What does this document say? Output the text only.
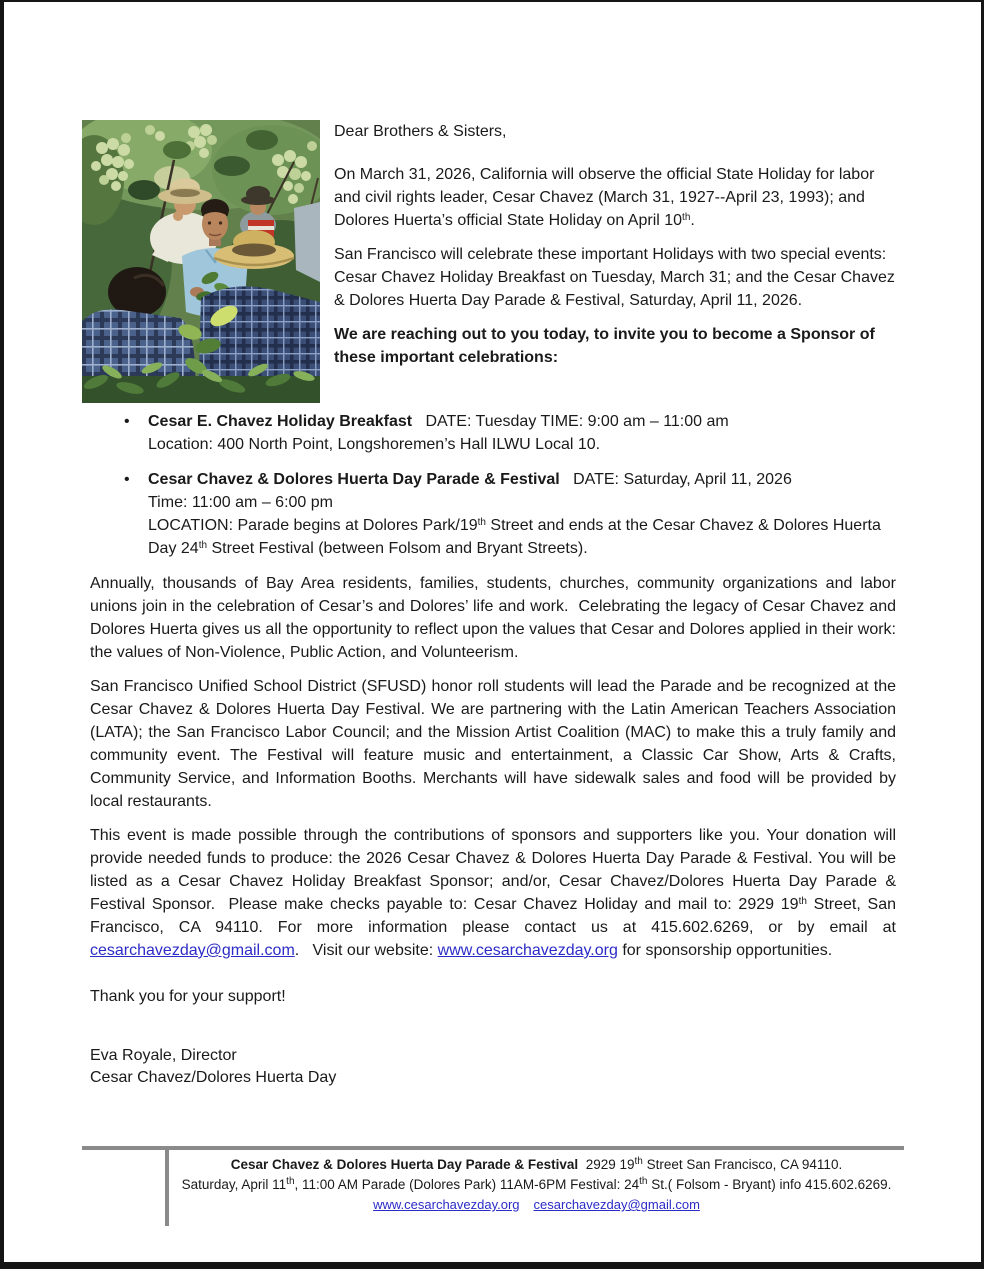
Dear Brothers & Sisters,

On March 31, 2026, California will observe the official State Holiday for labor and civil rights leader, Cesar Chavez (March 31, 1927--April 23, 1993); and Dolores Huerta’s official State Holiday on April 10th.

San Francisco will celebrate these important Holidays with two special events:  Cesar Chavez Holiday Breakfast on Tuesday, March 31; and the Cesar Chavez & Dolores Huerta Day Parade & Festival, Saturday, April 11, 2026.

We are reaching out to you today, to invite you to become a Sponsor of these important celebrations:

• Cesar E. Chavez Holiday Breakfast   DATE: Tuesday TIME: 9:00 am – 11:00 am
Location: 400 North Point, Longshoremen’s Hall ILWU Local 10.
• Cesar Chavez & Dolores Huerta Day Parade & Festival   DATE: Saturday, April 11, 2026
Time: 11:00 am – 6:00 pm
LOCATION: Parade begins at Dolores Park/19th Street and ends at the Cesar Chavez & Dolores Huerta Day 24th Street Festival (between Folsom and Bryant Streets).

Annually, thousands of Bay Area residents, families, students, churches, community organizations and labor unions join in the celebration of Cesar’s and Dolores’ life and work.  Celebrating the legacy of Cesar Chavez and Dolores Huerta gives us all the opportunity to reflect upon the values that Cesar and Dolores applied in their work: the values of Non-Violence, Public Action, and Volunteerism.

San Francisco Unified School District (SFUSD) honor roll students will lead the Parade and be recognized at the Cesar Chavez & Dolores Huerta Day Festival. We are partnering with the Latin American Teachers Association (LATA); the San Francisco Labor Council; and the Mission Artist Coalition (MAC) to make this a truly family and community event. The Festival will feature music and entertainment, a Classic Car Show, Arts & Crafts, Community Service, and Information Booths. Merchants will have sidewalk sales and food will be provided by local restaurants.

This event is made possible through the contributions of sponsors and supporters like you. Your donation will provide needed funds to produce: the 2026 Cesar Chavez & Dolores Huerta Day Parade & Festival. You will be listed as a Cesar Chavez Holiday Breakfast Sponsor; and/or, Cesar Chavez/Dolores Huerta Day Parade & Festival Sponsor.  Please make checks payable to: Cesar Chavez Holiday and mail to: 2929 19th Street, San Francisco, CA 94110. For more information please contact us at 415.602.6269, or by email at cesarchavezday@gmail.com.   Visit our website: www.cesarchavezday.org for sponsorship opportunities.

Thank you for your support!

Eva Royale, Director
Cesar Chavez/Dolores Huerta Day

Cesar Chavez & Dolores Huerta Day Parade & Festival  2929 19th Street San Francisco, CA 94110.
Saturday, April 11th, 11:00 AM Parade (Dolores Park) 11AM-6PM Festival: 24th St.( Folsom - Bryant) info 415.602.6269.
www.cesarchavezday.org cesarchavezday@gmail.com
